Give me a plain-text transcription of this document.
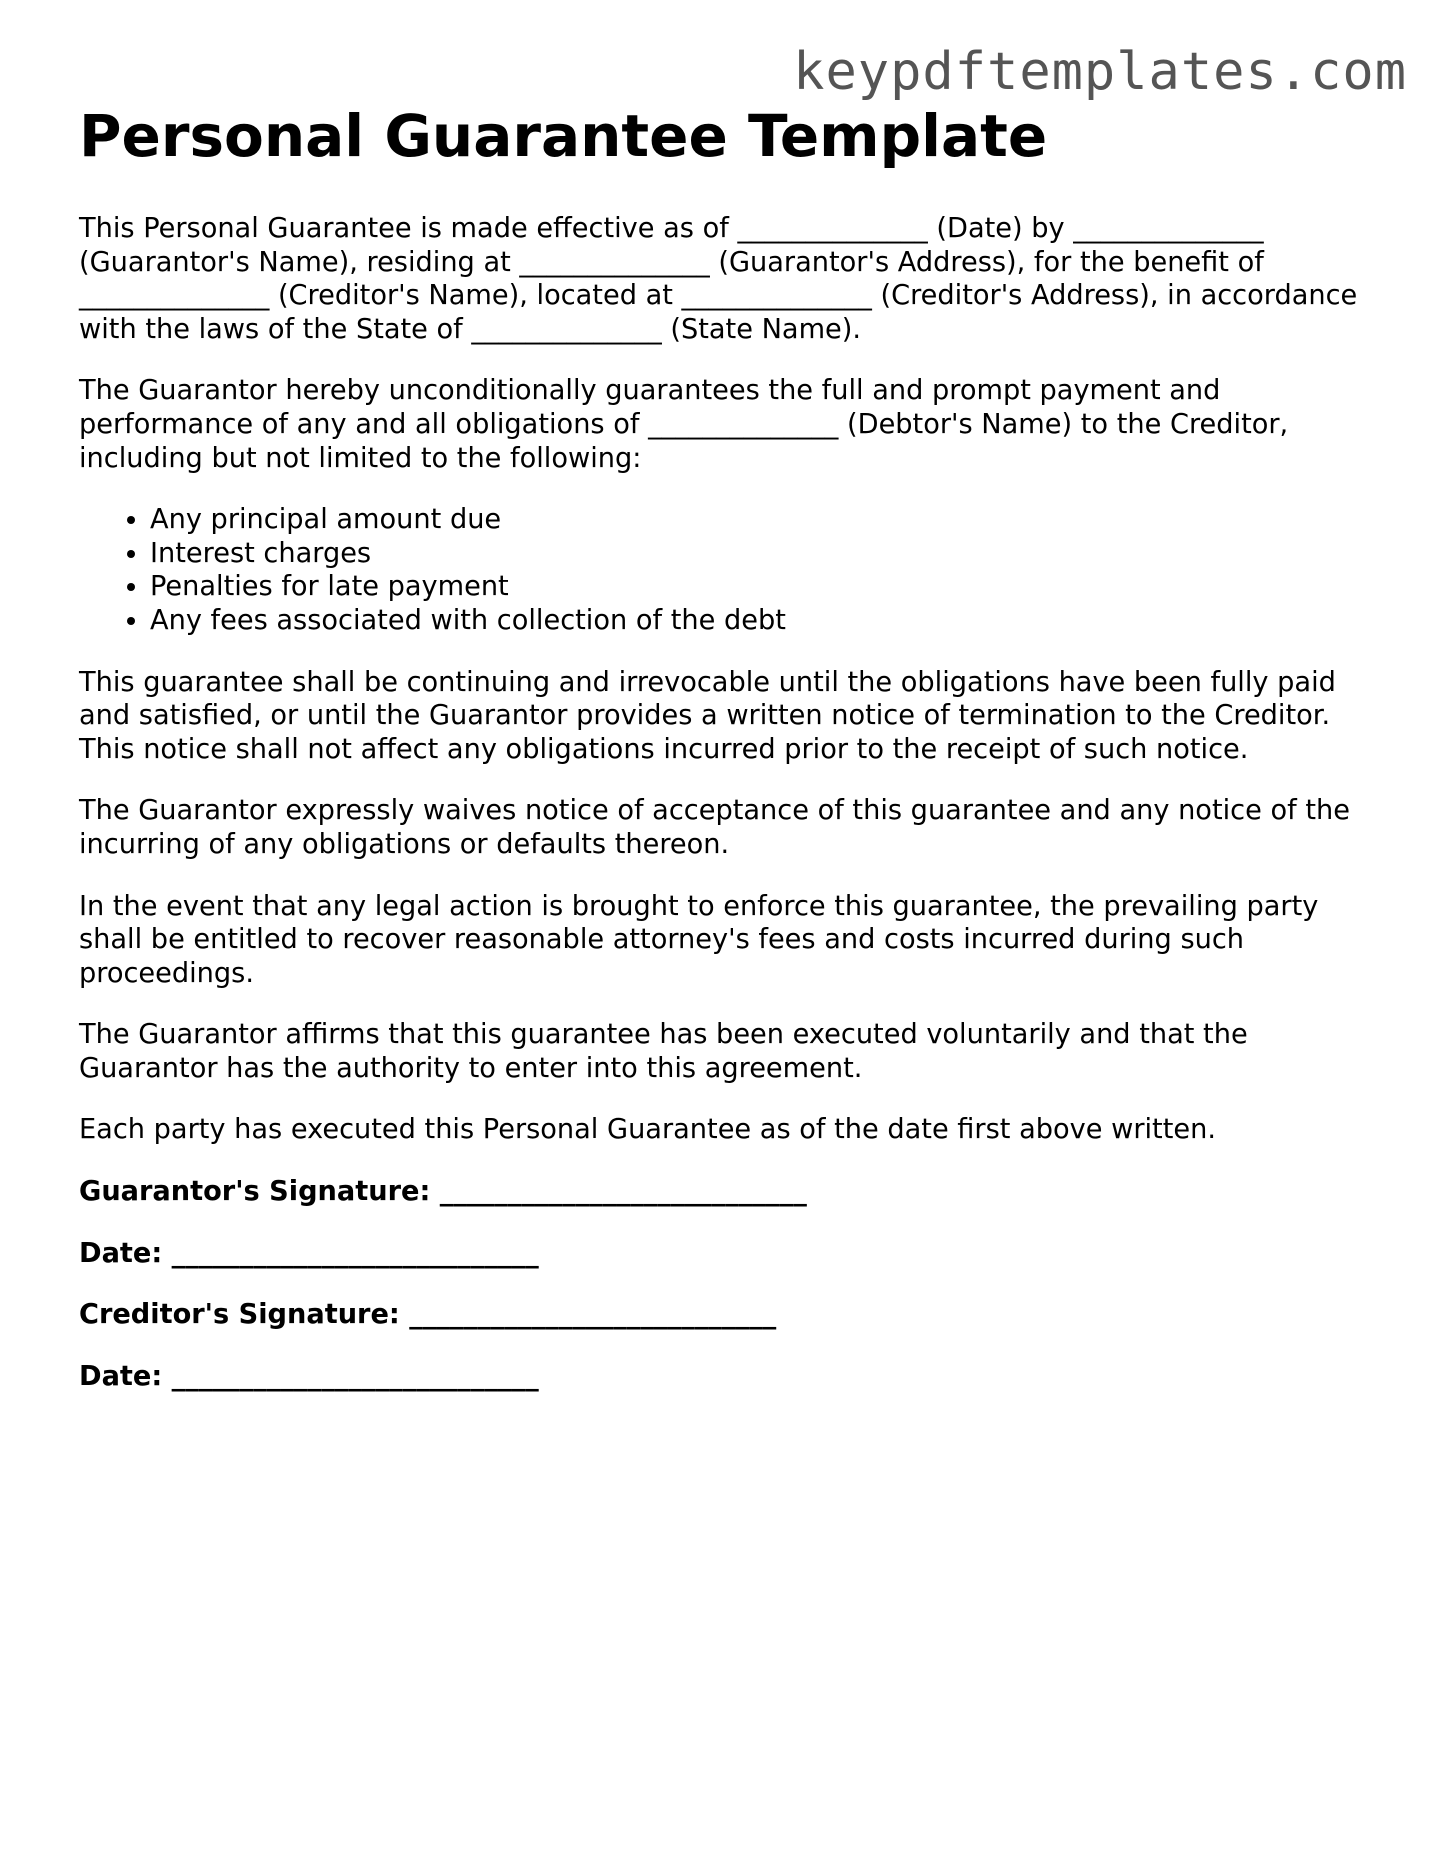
keypdftemplates.com
Personal Guarantee Template

This Personal Guarantee is made effective as of ______________ (Date) by ______________ (Guarantor's Name), residing at ______________ (Guarantor's Address), for the benefit of ______________ (Creditor's Name), located at ______________ (Creditor's Address), in accordance with the laws of the State of ______________ (State Name).

The Guarantor hereby unconditionally guarantees the full and prompt payment and performance of any and all obligations of ______________ (Debtor's Name) to the Creditor, including but not limited to the following:

• Any principal amount due
• Interest charges
• Penalties for late payment
• Any fees associated with collection of the debt

This guarantee shall be continuing and irrevocable until the obligations have been fully paid and satisfied, or until the Guarantor provides a written notice of termination to the Creditor. This notice shall not affect any obligations incurred prior to the receipt of such notice.

The Guarantor expressly waives notice of acceptance of this guarantee and any notice of the incurring of any obligations or defaults thereon.

In the event that any legal action is brought to enforce this guarantee, the prevailing party shall be entitled to recover reasonable attorney's fees and costs incurred during such proceedings.

The Guarantor affirms that this guarantee has been executed voluntarily and that the Guarantor has the authority to enter into this agreement.

Each party has executed this Personal Guarantee as of the date first above written.

Guarantor's Signature: ___________________________
Date: ___________________________
Creditor's Signature: ___________________________
Date: ___________________________
